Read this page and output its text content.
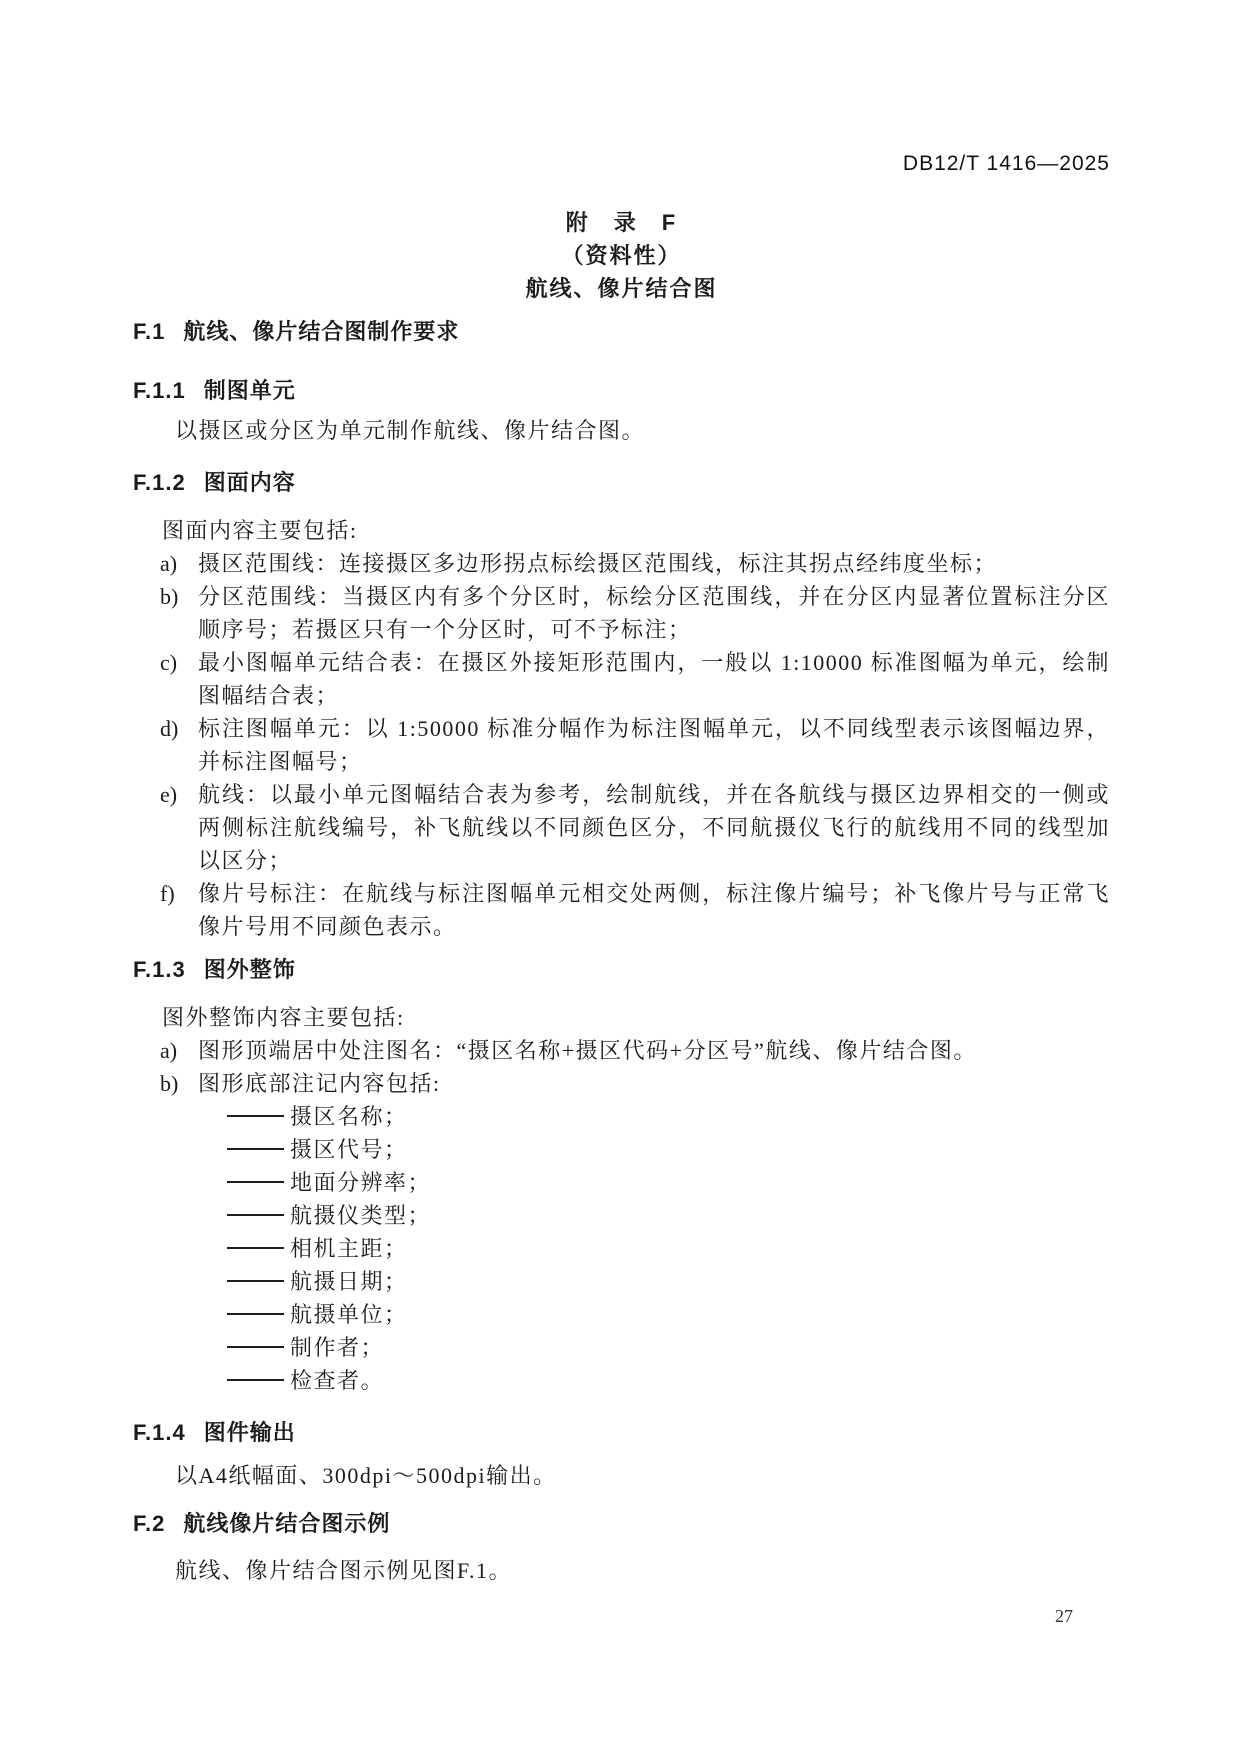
DB12/T 1416—2025
附　录　F
（资料性）
航线、像片结合图
F.1 航线、像片结合图制作要求
F.1.1 制图单元
以摄区或分区为单元制作航线、像片结合图。
F.1.2 图面内容
图面内容主要包括:
a) 摄区范围线：连接摄区多边形拐点标绘摄区范围线，标注其拐点经纬度坐标；
b) 分区范围线：当摄区内有多个分区时，标绘分区范围线，并在分区内显著位置标注分区顺序号；若摄区只有一个分区时，可不予标注；
c) 最小图幅单元结合表：在摄区外接矩形范围内，一般以 1:10000 标准图幅为单元，绘制图幅结合表；
d) 标注图幅单元：以 1:50000 标准分幅作为标注图幅单元，以不同线型表示该图幅边界，并标注图幅号；
e) 航线：以最小单元图幅结合表为参考，绘制航线，并在各航线与摄区边界相交的一侧或两侧标注航线编号，补飞航线以不同颜色区分，不同航摄仪飞行的航线用不同的线型加以区分；
f) 像片号标注：在航线与标注图幅单元相交处两侧，标注像片编号；补飞像片号与正常飞像片号用不同颜色表示。
F.1.3 图外整饰
图外整饰内容主要包括:
a) 图形顶端居中处注图名：“摄区名称+摄区代码+分区号”航线、像片结合图。
b) 图形底部注记内容包括:
摄区名称；
摄区代号；
地面分辨率；
航摄仪类型；
相机主距；
航摄日期；
航摄单位；
制作者；
检查者。
F.1.4 图件输出
以A4纸幅面、300dpi～500dpi输出。
F.2 航线像片结合图示例
航线、像片结合图示例见图F.1。
27
